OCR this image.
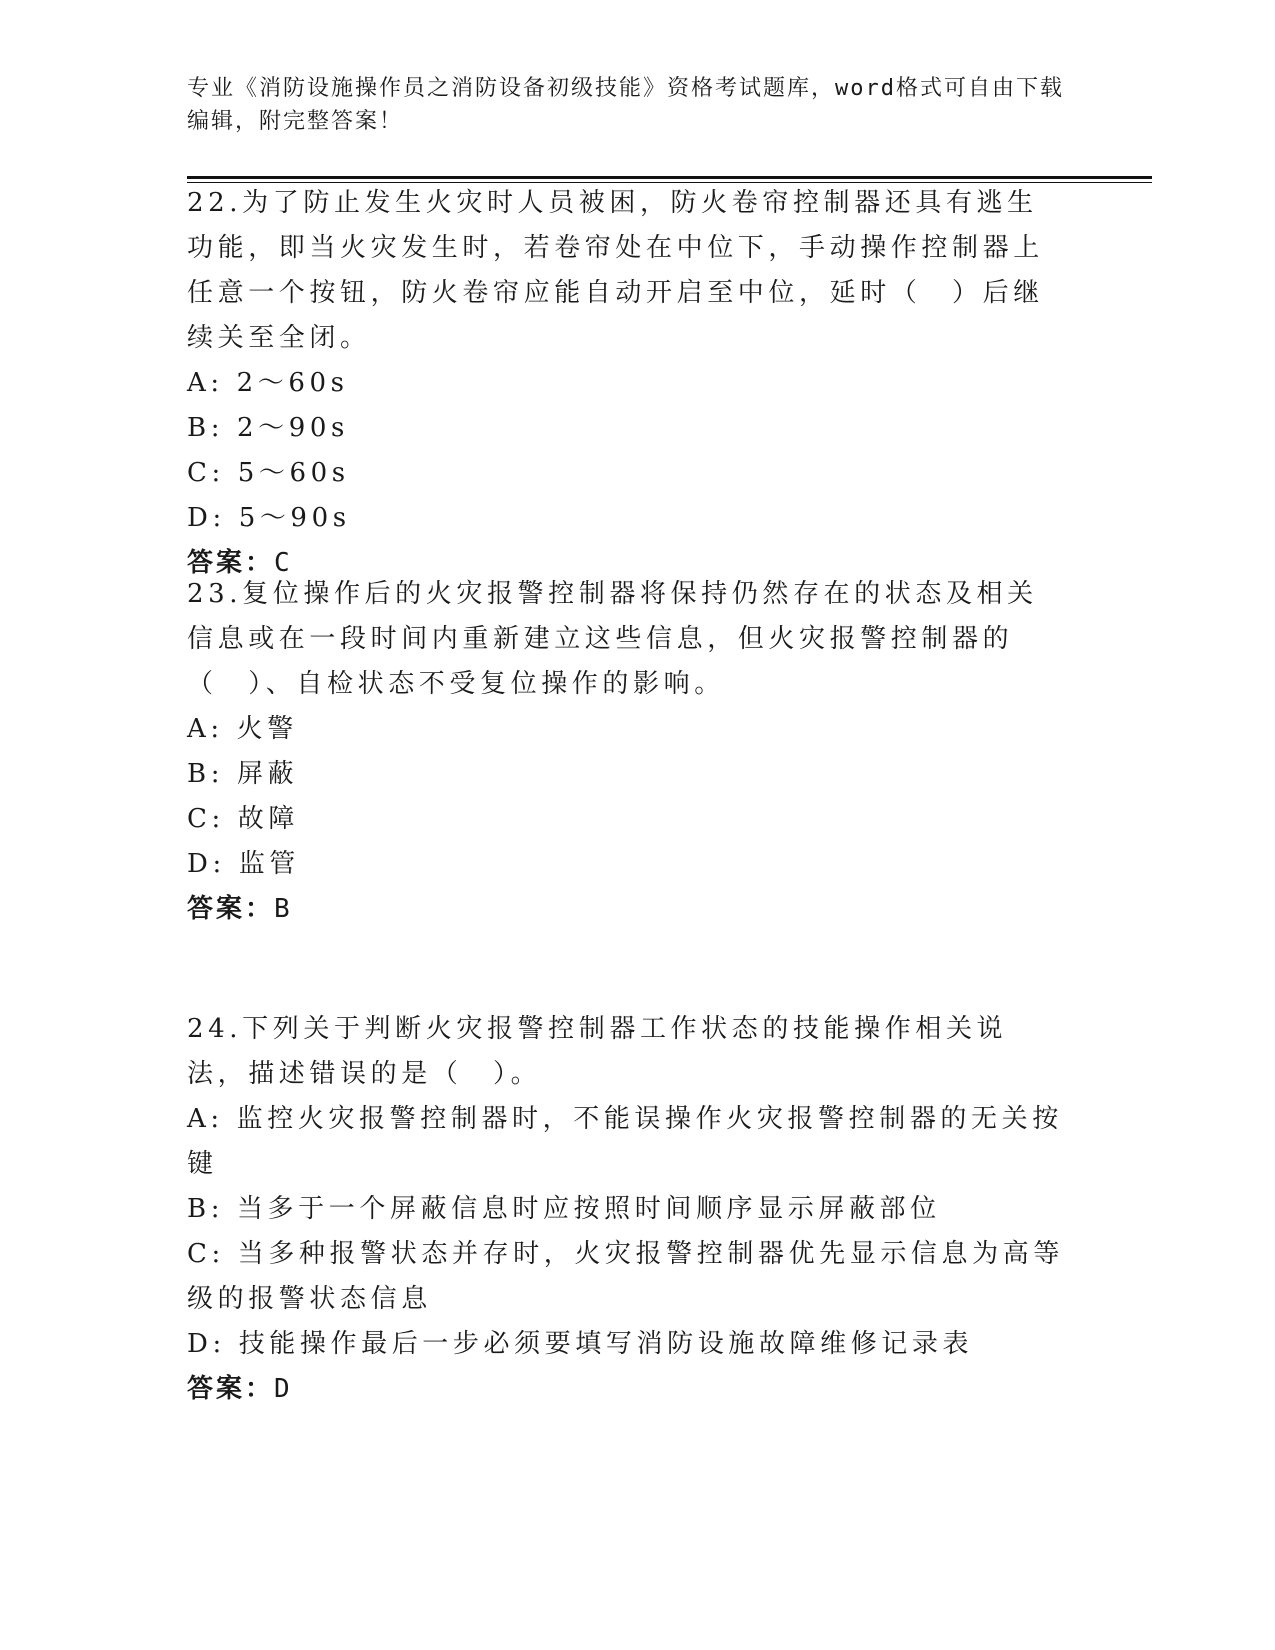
专业《消防设施操作员之消防设备初级技能》资格考试题库，word格式可自由下载编辑，附完整答案！
22.为了防止发生火灾时人员被困，防火卷帘控制器还具有逃生功能，即当火灾发生时，若卷帘处在中位下，手动操作控制器上任意一个按钮，防火卷帘应能自动开启至中位，延时（　）后继续关至全闭。
A: 2～60s
B: 2～90s
C: 5～60s
D: 5～90s
答案：C
23.复位操作后的火灾报警控制器将保持仍然存在的状态及相关信息或在一段时间内重新建立这些信息，但火灾报警控制器的（　）、自检状态不受复位操作的影响。
A: 火警
B: 屏蔽
C: 故障
D: 监管
答案：B
24.下列关于判断火灾报警控制器工作状态的技能操作相关说法，描述错误的是（　）。
A: 监控火灾报警控制器时，不能误操作火灾报警控制器的无关按键
B: 当多于一个屏蔽信息时应按照时间顺序显示屏蔽部位
C: 当多种报警状态并存时，火灾报警控制器优先显示信息为高等级的报警状态信息
D: 技能操作最后一步必须要填写消防设施故障维修记录表
答案：D
